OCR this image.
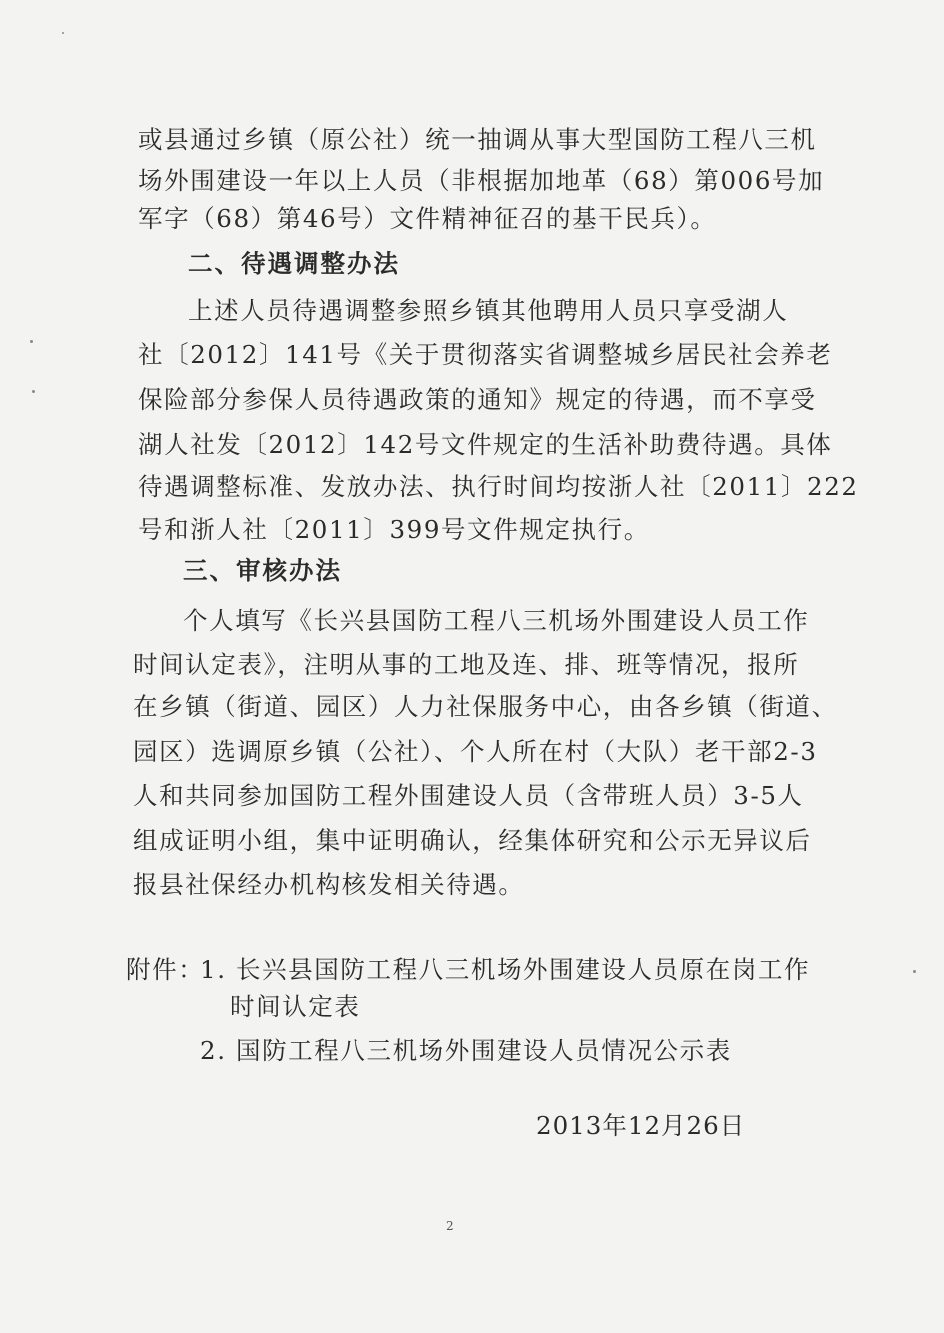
或县通过乡镇（原公社）统一抽调从事大型国防工程八三机
场外围建设一年以上人员（非根据加地革（68）第006号加
军字（68）第46号）文件精神征召的基干民兵）。
二、待遇调整办法
上述人员待遇调整参照乡镇其他聘用人员只享受湖人
社〔2012〕141号《关于贯彻落实省调整城乡居民社会养老
保险部分参保人员待遇政策的通知》规定的待遇，而不享受
湖人社发〔2012〕142号文件规定的生活补助费待遇。具体
待遇调整标准、发放办法、执行时间均按浙人社〔2011〕222
号和浙人社〔2011〕399号文件规定执行。
三、审核办法
个人填写《长兴县国防工程八三机场外围建设人员工作
时间认定表》，注明从事的工地及连、排、班等情况，报所
在乡镇（街道、园区）人力社保服务中心，由各乡镇（街道、
园区）选调原乡镇（公社）、个人所在村（大队）老干部2-3
人和共同参加国防工程外围建设人员（含带班人员）3-5人
组成证明小组，集中证明确认，经集体研究和公示无异议后
报县社保经办机构核发相关待遇。
附件：
1. 长兴县国防工程八三机场外围建设人员原在岗工作
时间认定表
2. 国防工程八三机场外围建设人员情况公示表
2013年12月26日
2
